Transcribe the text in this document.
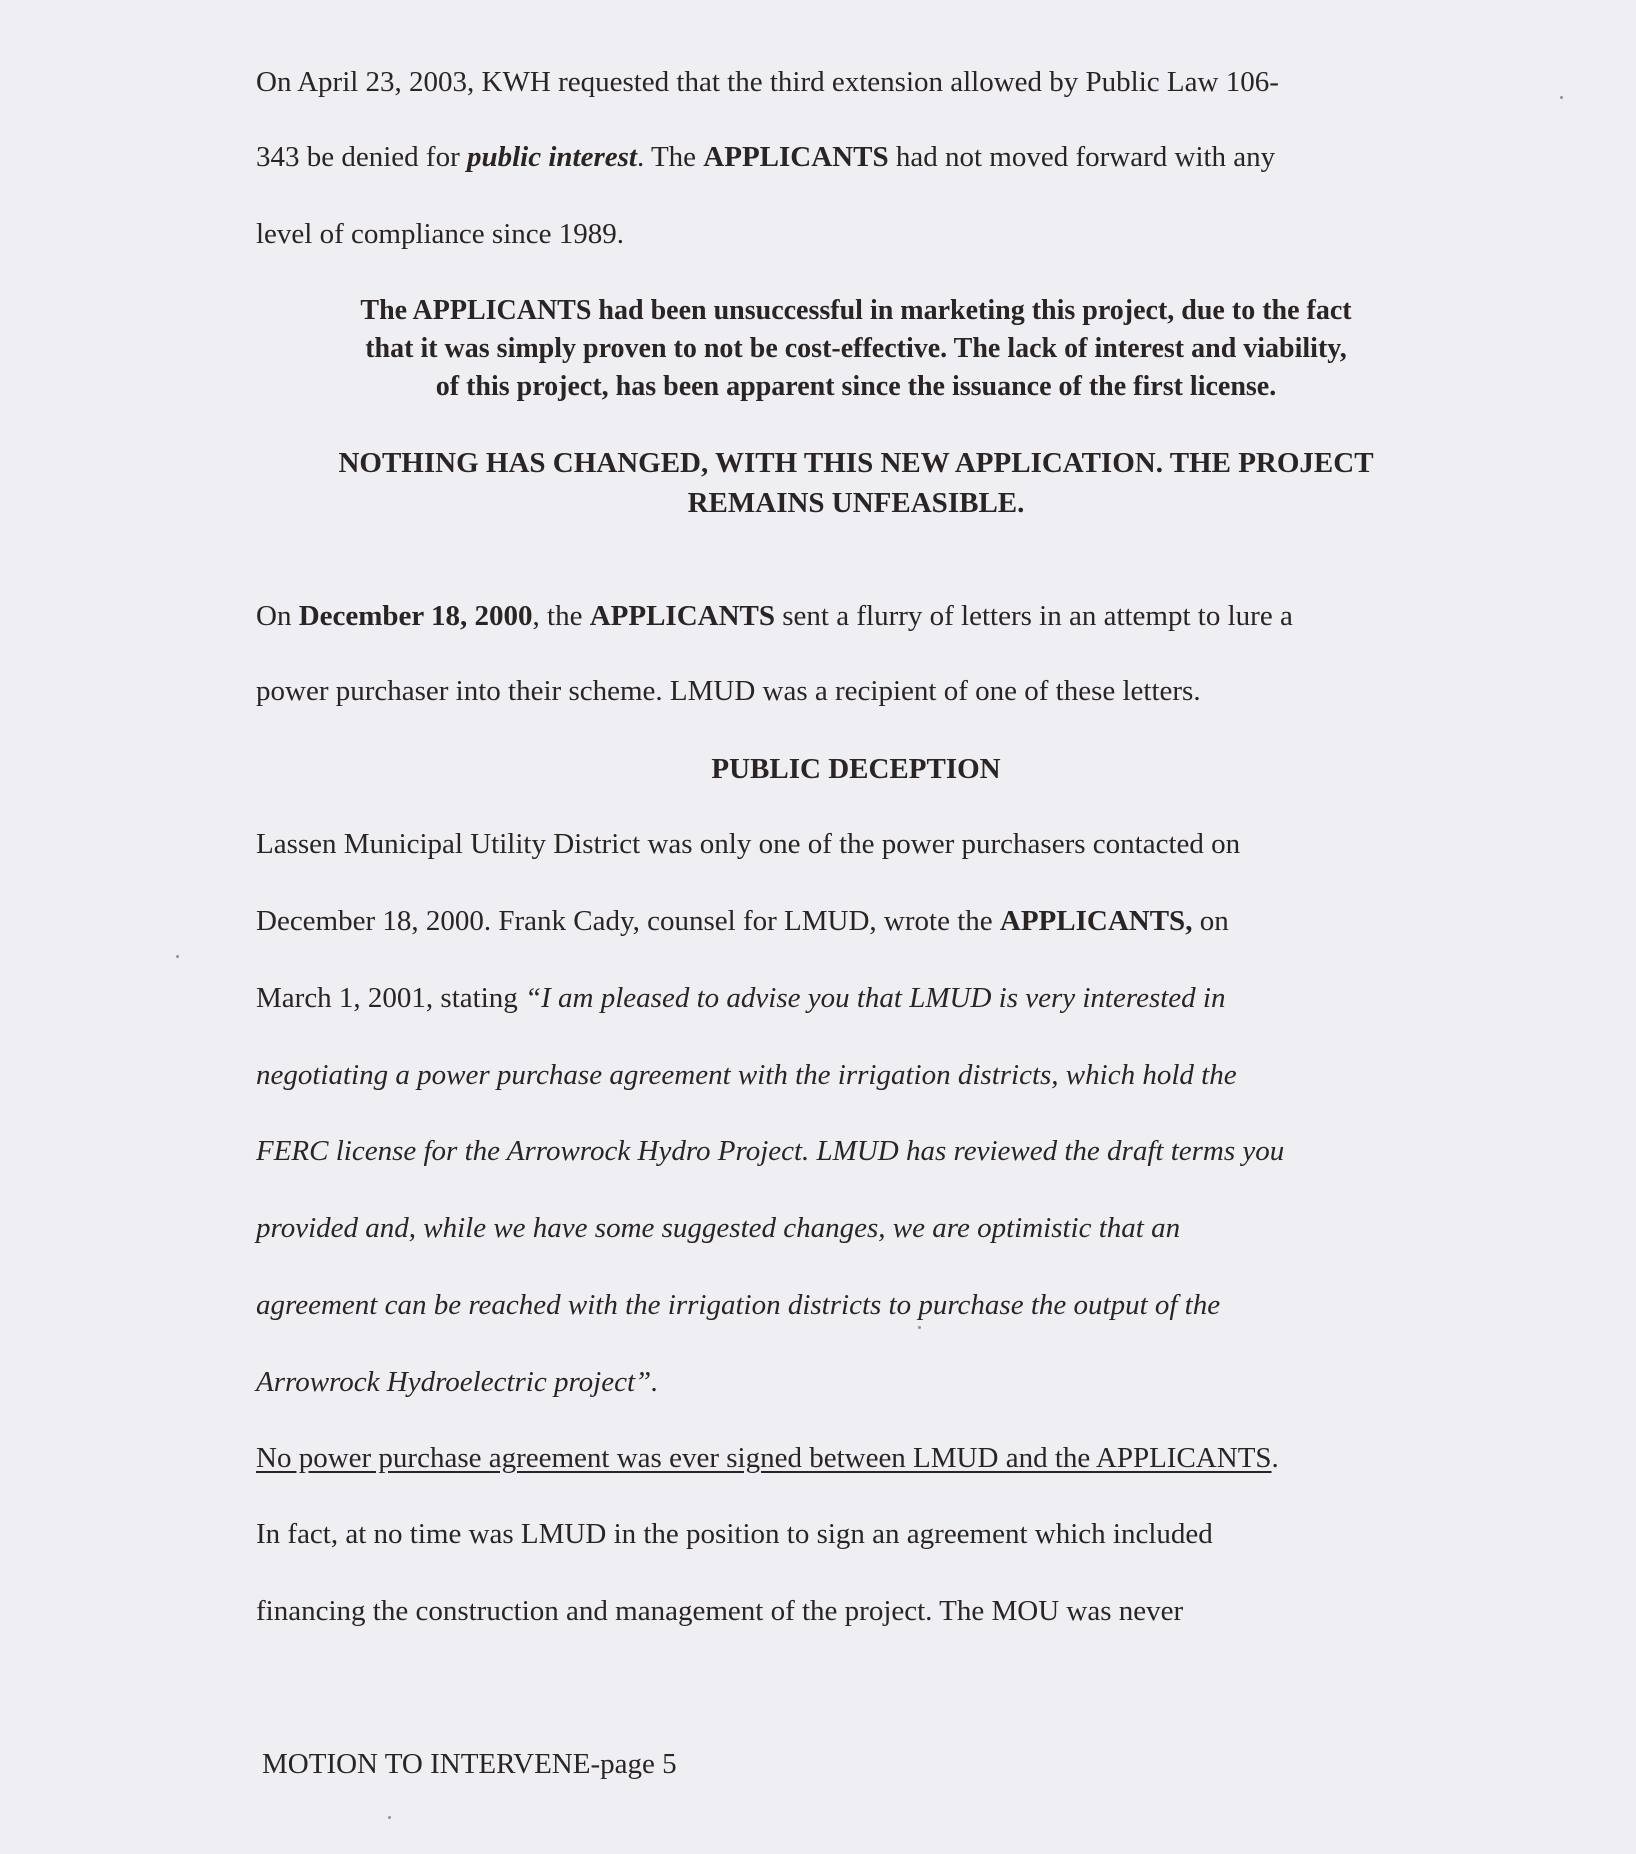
On April 23, 2003, KWH requested that the third extension allowed by Public Law 106-
343 be denied for public interest. The APPLICANTS had not moved forward with any
level of compliance since 1989.
The APPLICANTS had been unsuccessful in marketing this project, due to the fact
that it was simply proven to not be cost-effective. The lack of interest and viability,
of this project, has been apparent since the issuance of the first license.
NOTHING HAS CHANGED, WITH THIS NEW APPLICATION. THE PROJECT
REMAINS UNFEASIBLE.
On December 18, 2000, the APPLICANTS sent a flurry of letters in an attempt to lure a
power purchaser into their scheme. LMUD was a recipient of one of these letters.
PUBLIC DECEPTION
Lassen Municipal Utility District was only one of the power purchasers contacted on
December 18, 2000. Frank Cady, counsel for LMUD, wrote the APPLICANTS, on
March 1, 2001, stating “I am pleased to advise you that LMUD is very interested in
negotiating a power purchase agreement with the irrigation districts, which hold the
FERC license for the Arrowrock Hydro Project. LMUD has reviewed the draft terms you
provided and, while we have some suggested changes, we are optimistic that an
agreement can be reached with the irrigation districts to purchase the output of the
Arrowrock Hydroelectric project”.
No power purchase agreement was ever signed between LMUD and the APPLICANTS.
In fact, at no time was LMUD in the position to sign an agreement which included
financing the construction and management of the project. The MOU was never
MOTION TO INTERVENE-page 5
